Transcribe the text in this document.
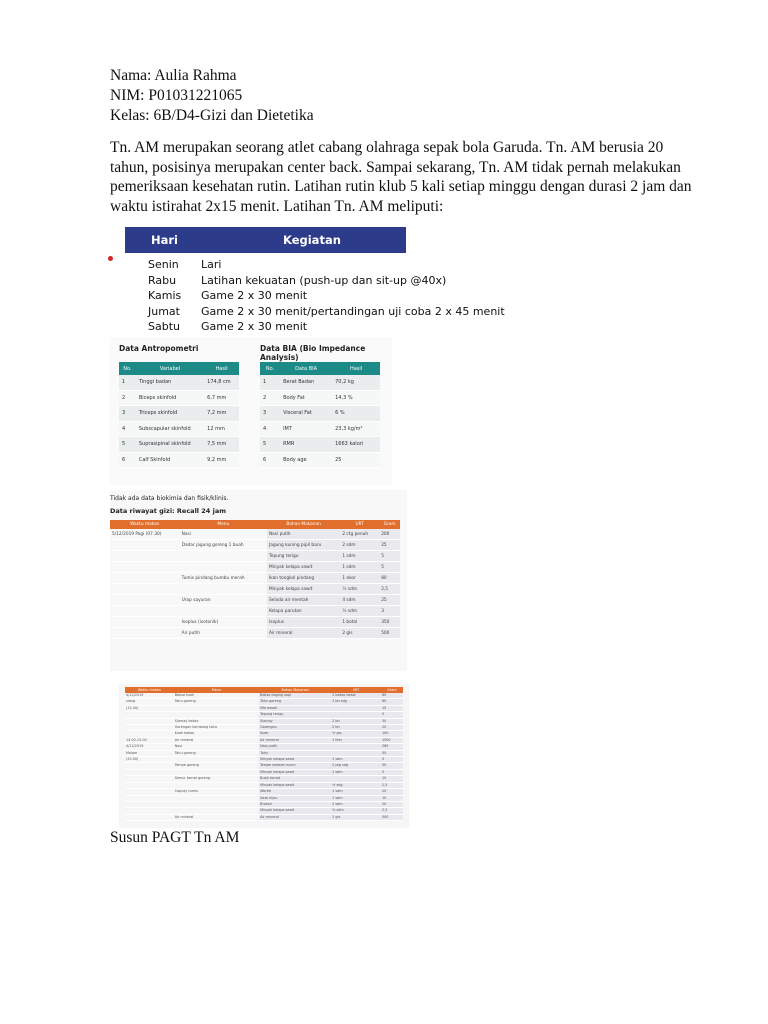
Nama: Aulia Rahma
NIM: P01031221065
Kelas: 6B/D4-Gizi dan Dietetika
Tn. AM merupakan seorang atlet cabang olahraga sepak bola Garuda. Tn. AM berusia 20 tahun, posisinya merupakan center back. Sampai sekarang, Tn. AM tidak pernah melakukan pemeriksaan kesehatan rutin. Latihan rutin klub 5 kali setiap minggu dengan durasi 2 jam dan waktu istirahat 2x15 menit. Latihan Tn. AM meliputi:
Hari	Kegiatan
Senin Lari
Rabu Latihan kekuatan (push-up dan sit-up @40x)
Kamis Game 2 x 30 menit
Jumat Game 2 x 30 menit/pertandingan uji coba 2 x 45 menit
Sabtu Game 2 x 30 menit
Data Antropometri
No.	Variabel	Hasil
1	Tinggi badan	174,8 cm
2	Biceps skinfold	6,7 mm
3	Triceps skinfold	7,2 mm
4	Subscapular skinfold	12 mm
5	Suprasipinal skinfold	7,5 mm
6	Calf Skinfold	9,2 mm
Data BIA (Bio Impedance Analysis)
No.	Data BIA	Hasil
1	Berat Badan	70,2 kg
2	Body Fat	14,3 %
3	Visceral Fat	6 %
4	IMT	23,3 kg/m²
5	RMR	1663 kalori
6	Body age	25
Tidak ada data biokimia dan fisik/klinis.
Data riwayat gizi: Recall 24 jam
Waktu makan	Menu	Bahan Makanan	URT	Gram
5/12/2019 Pagi (07.30)	Nasi	Nasi putih	2 ctg penuh	200
	Dadar jagung goreng 1 buah	Jagung kuning pipil baru	2 sdm	25
		Tepung terigu	1 sdm	5
		Minyak kelapa sawit	1 sdm	5
	Tumis pindang bumbu merah	Ikan tongkol pindang	1 ekor	80
		Minyak kelapa sawit	½ sdm	2,5
	Urap sayuran	Selada air mentah	4 sdm	25
		Kelapa parutan	½ sdm	3
	Isoplus (isotonik)	Isoplus	1 botol	350
	Air putih	Air mineral	2 gls	500
Waktu makan	Menu	Bahan Makanan	URT	Gram
4/12/2019	Bakso kuah	Bakso daging sapi	2 bakso besar	60
siang	Tahu goreng	Tahu goreng	1 bh sdg	60
(12.00)		Mie basah		15
		Tepung terigu		5
	Siomay bakso	Siomay	2 bh	30
	Gorengan kembang tahu	Gorengan	2 bh	20
	Kuah bakso	Kuah	½ gls	100
14.00-15.00	Air mineral	Air mineral	1 liter	1500
4/12/2019	Nasi	Nasi putih		269
Malam	Tahu goreng	Tahu		55
(20.00)		Minyak kelapa sawit	1 sdm	5
	Tempe goreng	Tempe kedelai murni	2 ptg sdg	50
		Minyak kelapa sawit	1 sdm	5
	Semur tomat goreng	Buah tomat		10
		Minyak kelapa sawit	½ sdg	2,5
	Capcay tumis	Wortel	1 sdm	20
		Sawi hijau	1 sdm	10
		Brokoli	2 sdm	20
		Minyak kelapa sawit	½ sdm	2,5
	Air mineral	Air mineral	2 gls	500
Susun PAGT Tn AM
